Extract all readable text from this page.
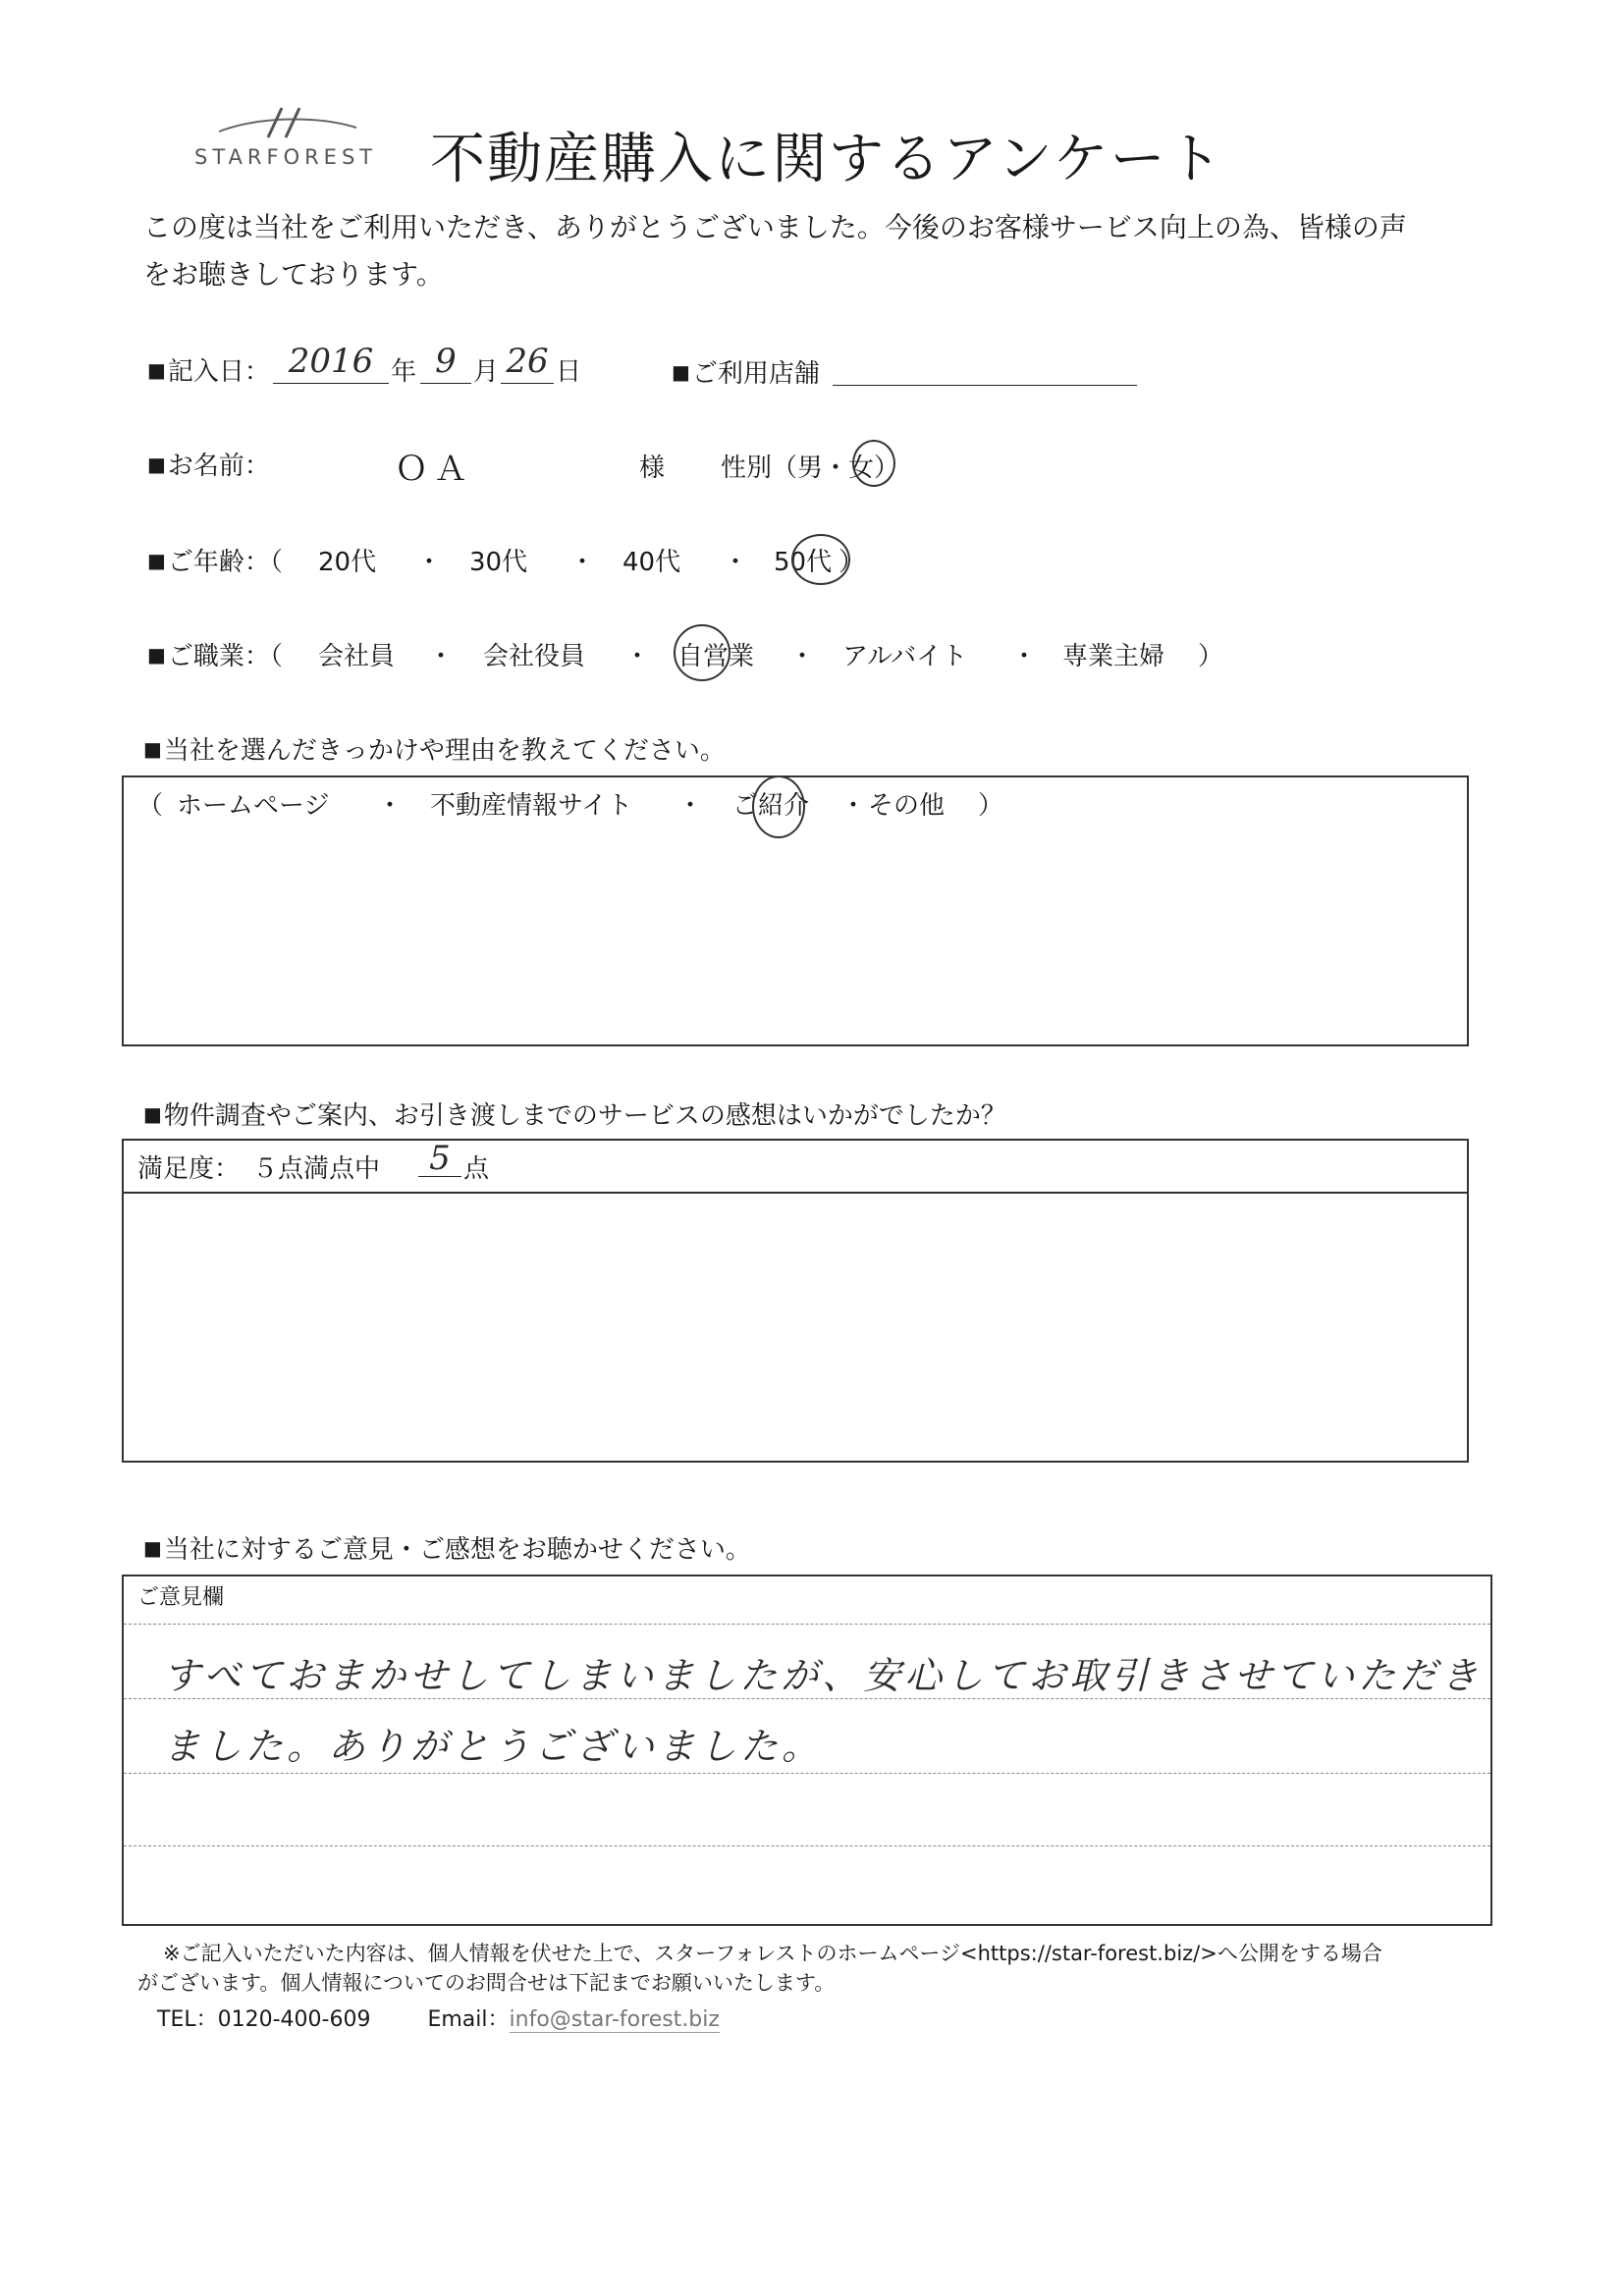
STARFOREST 不動産購入に関するアンケート
この度は当社をご利用いただき、ありがとうございました。今後のお客様サービス向上の為、皆様の声
をお聴きしております。
■記入日： 2016 年 9 月 26 日	■ご利用店舗
■お名前：	ＯＡ	様 性別（男・女）
■ご年齢：（ 20代 ・ 30代 ・ 40代 ・ 50代 ）
■ご職業：（ 会社員 ・ 会社役員 ・ 自営業 ・ アルバイト ・ 専業主婦 ）
■当社を選んだきっかけや理由を教えてください。
（ ホームページ ・ 不動産情報サイト ・ ご紹介 ・ その他 ）
■物件調査やご案内、お引き渡しまでのサービスの感想はいかがでしたか？
満足度：　５点満点中	5 点
■当社に対するご意見・ご感想をお聴かせください。
ご意見欄
すべておまかせしてしまいましたが、安心してお取引きさせていただき
ました。ありがとうございました。
※ご記入いただいた内容は、個人情報を伏せた上で、スターフォレストのホームページ<https://star-forest.biz/>へ公開をする場合
がございます。個人情報についてのお問合せは下記までお願いいたします。
TEL：0120-400-609	Email：info@star-forest.biz
